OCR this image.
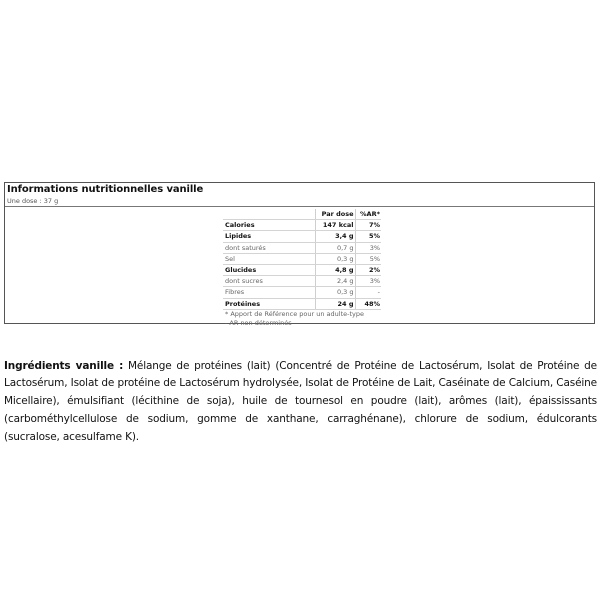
Informations nutritionnelles vanille
Une dose : 37 g
	Par dose	%AR*
Calories	147 kcal	7%
Lipides	3,4 g	5%
dont saturés	0,7 g	3%
Sel	0,3 g	5%
Glucides	4,8 g	2%
dont sucres	2,4 g	3%
Fibres	0,3 g	-
Protéines	24 g	48%
* Apport de Référence pour un adulte-type		
- AR non déterminés		

Ingrédients vanille : Mélange de protéines (lait) (Concentré de Protéine de Lactosérum, Isolat de Protéine de Lactosérum, Isolat de protéine de Lactosérum hydrolysée, Isolat de Protéine de Lait, Caséinate de Calcium, Caséine Micellaire), émulsifiant (lécithine de soja), huile de tournesol en poudre (lait), arômes (lait), épaississants (carbométhylcellulose de sodium, gomme de xanthane, carraghénane), chlorure de sodium, édulcorants (sucralose, acesulfame K).
